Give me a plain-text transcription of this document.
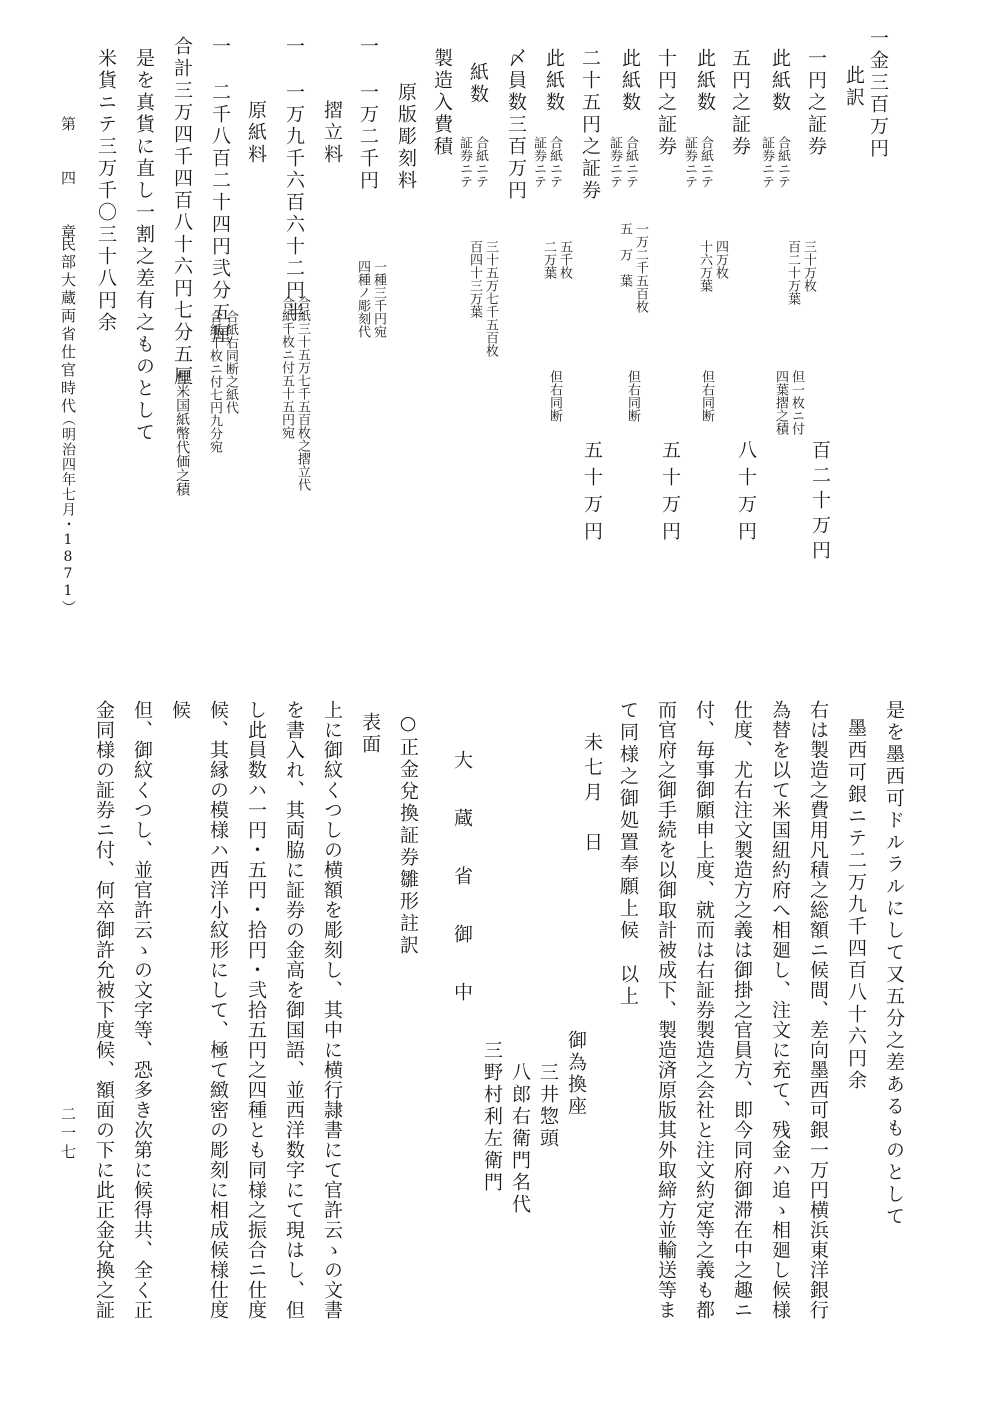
一金三百万円
此訳
一円之証券
三十万枚
百二十万葉
此紙数
合紙ニテ
証券ニテ
但一枚ニ付
四葉摺之積
百二十万円
五円之証券
四万枚
十六万葉
此紙数
合紙ニテ
証券ニテ
但右同断
八十万円
十円之証券
一万二千五百枚
五　万　葉
此紙数
合紙ニテ
証券ニテ
但右同断
五十万円
二十五円之証券
五千枚
二万葉
此紙数
合紙ニテ
証券ニテ
但右同断
五十万円
〆員数三百万円
紙数
合紙ニテ
証券ニテ
三十五万七千五百枚
百四十三万葉
製造入費積
原版彫刻料
一
一万二千円
一種三千円宛
四種ノ彫刻代
摺立料
一
一万九千六百六十二円半
合紙三十五万七千五百枚之摺立代
合紙千枚ニ付五十五円宛
原紙料
一
二千八百二十四円弐分五厘
合紙右同断之紙代
合紙千枚ニ付七円九分宛
合計三万四千四百八十六円七分五厘
但米国紙幣代価之積
是を真貨に直し一割之差有之ものとして
米貨ニテ三万千〇三十八円余
第　四　章
民部大蔵両省仕官時代
（明治四年七月・1871）
是を墨西可ドルラルにして又五分之差あるものとして
墨西可銀ニテ二万九千四百八十六円余
右は製造之費用凡積之総額ニ候間、差向墨西可銀一万円横浜東洋銀行
為替を以て米国紐約府へ相廻し、注文に充て、残金ハ追ゝ相廻し候様
仕度、尤右注文製造方之義は御掛之官員方、即今同府御滞在中之趣ニ
付、毎事御願申上度、就而は右証券製造之会社と注文約定等之義も都
而官府之御手続を以御取計被成下、製造済原版其外取締方並輸送等ま
て同様之御処置奉願上候　以上
未七月　日
御為換座
三井惣頭
八郎右衛門名代
三野村利左衛門
大　蔵　省　御　中
○正金兌換証券雛形註訳
表面
上に御紋くつしの横額を彫刻し、其中に横行隷書にて官許云ゝの文書
を書入れ、其両脇に証券の金高を御国語、並西洋数字にて現はし、但
し此員数ハ一円・五円・拾円・弐拾五円之四種とも同様之振合ニ仕度
候、其縁の模様ハ西洋小紋形にして、極て緻密の彫刻に相成候様仕度
候
但、御紋くつし、並官許云ゝの文字等、恐多き次第に候得共、全く正
金同様の証券ニ付、何卒御許允被下度候、額面の下に此正金兌換之証
二一七
